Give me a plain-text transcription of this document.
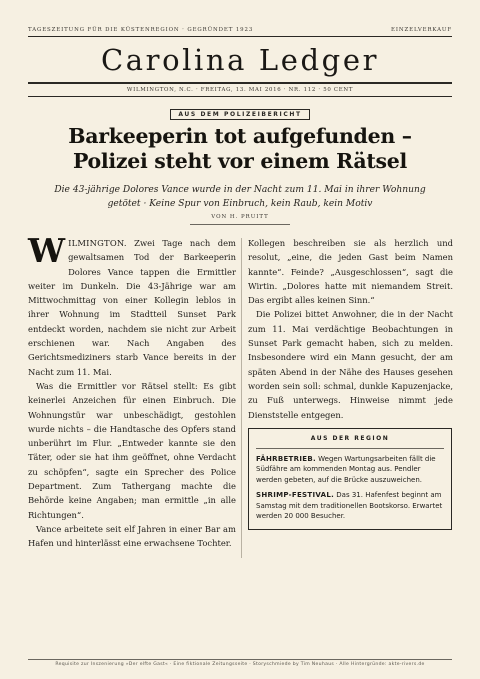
TAGESZEITUNG FÜR DIE KÜSTENREGION · GEGRÜNDET 1923	EINZELVERKAUF
Carolina Ledger
WILMINGTON, N.C. · FREITAG, 13. MAI 2016 · NR. 112 · 50 CENT
AUS DEM POLIZEIBERICHT
Barkeeperin tot aufgefunden –
Polizei steht vor einem Rätsel
Die 43-jährige Dolores Vance wurde in der Nacht zum 11. Mai in ihrer Wohnung getötet · Keine Spur von Einbruch, kein Raub, kein Motiv
VON H. PRUITT

WILMINGTON. Zwei Tage nach dem gewaltsamen Tod der Barkeeperin Dolores Vance tappen die Ermittler weiter im Dunkeln. Die 43-Jährige war am Mittwochmittag von einer Kollegin leblos in ihrer Wohnung im Stadtteil Sunset Park entdeckt worden, nachdem sie nicht zur Arbeit erschienen war. Nach Angaben des Gerichtsmediziners starb Vance bereits in der Nacht zum 11. Mai.

Was die Ermittler vor Rätsel stellt: Es gibt keinerlei Anzeichen für einen Einbruch. Die Wohnungstür war unbeschädigt, gestohlen wurde nichts – die Handtasche des Opfers stand unberührt im Flur. „Entweder kannte sie den Täter, oder sie hat ihm geöffnet, ohne Verdacht zu schöpfen“, sagte ein Sprecher des Police Department. Zum Tathergang machte die Behörde keine Angaben; man ermittle „in alle Richtungen“.

Vance arbeitete seit elf Jahren in einer Bar am Hafen und hinterlässt eine erwachsene Tochter.

Kollegen beschreiben sie als herzlich und resolut, „eine, die jeden Gast beim Namen kannte“. Feinde? „Ausgeschlossen“, sagt die Wirtin. „Dolores hatte mit niemandem Streit. Das ergibt alles keinen Sinn.“

Die Polizei bittet Anwohner, die in der Nacht zum 11. Mai verdächtige Beobachtungen in Sunset Park gemacht haben, sich zu melden. Insbesondere wird ein Mann gesucht, der am späten Abend in der Nähe des Hauses gesehen worden sein soll: schmal, dunkle Kapuzenjacke, zu Fuß unterwegs. Hinweise nimmt jede Dienststelle entgegen.

AUS DER REGION
FÄHRBETRIEB. Wegen Wartungsarbeiten fällt die Südfähre am kommenden Montag aus. Pendler werden gebeten, auf die Brücke auszuweichen.
SHRIMP-FESTIVAL. Das 31. Hafenfest beginnt am Samstag mit dem traditionellen Bootskorso. Erwartet werden 20 000 Besucher.
Requisite zur Inszenierung »Der elfte Gast« · Eine fiktionale Zeitungsseite · Storyschmiede by Tim Neuhaus · Alle Hintergründe: akte-rivers.de
